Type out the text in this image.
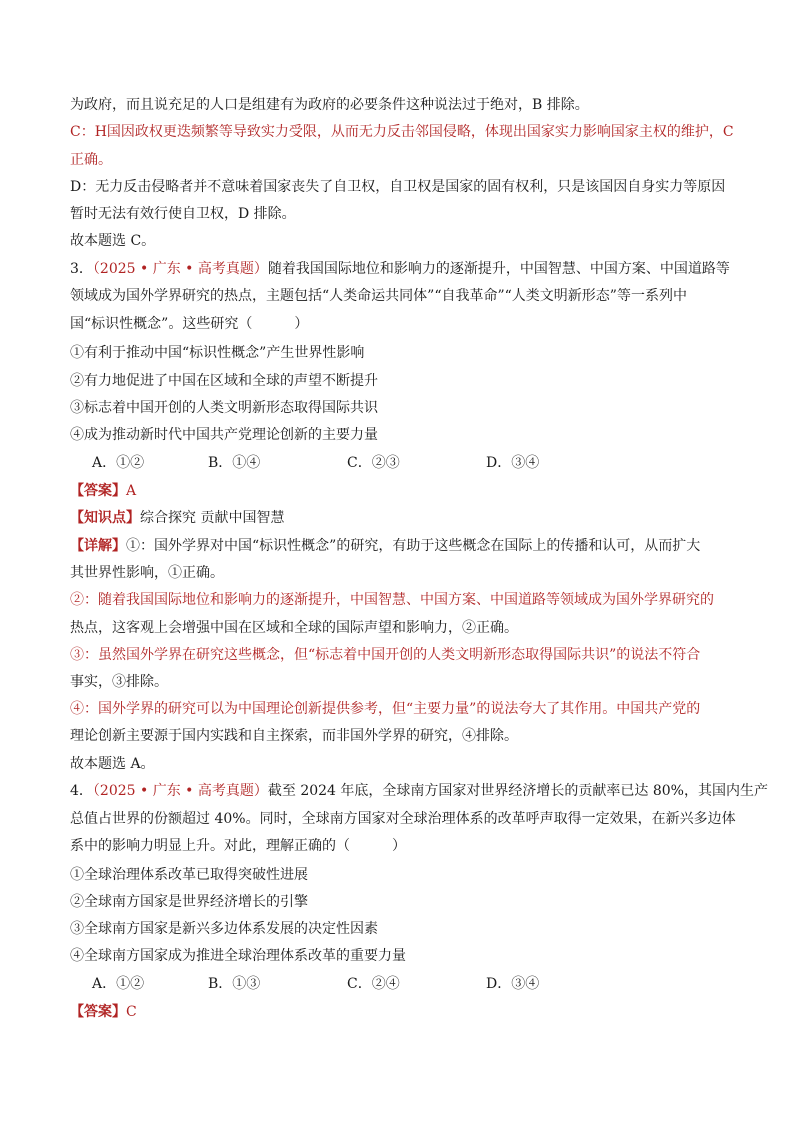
为政府，而且说充足的人口是组建有为政府的必要条件这种说法过于绝对，B 排除。
C：H国因政权更迭频繁等导致实力受限，从而无力反击邻国侵略，体现出国家实力影响国家主权的维护，C
正确。
D：无力反击侵略者并不意味着国家丧失了自卫权，自卫权是国家的固有权利，只是该国因自身实力等原因
暂时无法有效行使自卫权，D 排除。
故本题选 C。
3．（2025 • 广东 • 高考真题）随着我国国际地位和影响力的逐渐提升，中国智慧、中国方案、中国道路等
领域成为国外学界研究的热点，主题包括“人类命运共同体”“自我革命”“人类文明新形态”等一系列中
国“标识性概念”。这些研究（　　　）
①有利于推动中国“标识性概念”产生世界性影响
②有力地促进了中国在区域和全球的声望不断提升
③标志着中国开创的人类文明新形态取得国际共识
④成为推动新时代中国共产党理论创新的主要力量
A．①②	B．①④	C．②③	D．③④
【答案】A
【知识点】综合探究 贡献中国智慧
【详解】①：国外学界对中国“标识性概念”的研究，有助于这些概念在国际上的传播和认可，从而扩大
其世界性影响，①正确。
②：随着我国国际地位和影响力的逐渐提升，中国智慧、中国方案、中国道路等领域成为国外学界研究的
热点，这客观上会增强中国在区域和全球的国际声望和影响力，②正确。
③：虽然国外学界在研究这些概念，但“标志着中国开创的人类文明新形态取得国际共识”的说法不符合
事实，③排除。
④：国外学界的研究可以为中国理论创新提供参考，但“主要力量”的说法夸大了其作用。中国共产党的
理论创新主要源于国内实践和自主探索，而非国外学界的研究，④排除。
故本题选 A。
4．（2025 • 广东 • 高考真题）截至 2024 年底，全球南方国家对世界经济增长的贡献率已达 80%，其国内生产
总值占世界的份额超过 40%。同时，全球南方国家对全球治理体系的改革呼声取得一定效果，在新兴多边体
系中的影响力明显上升。对此，理解正确的（　　　）
①全球治理体系改革已取得突破性进展
②全球南方国家是世界经济增长的引擎
③全球南方国家是新兴多边体系发展的决定性因素
④全球南方国家成为推进全球治理体系改革的重要力量
A．①②	B．①③	C．②④	D．③④
【答案】C
